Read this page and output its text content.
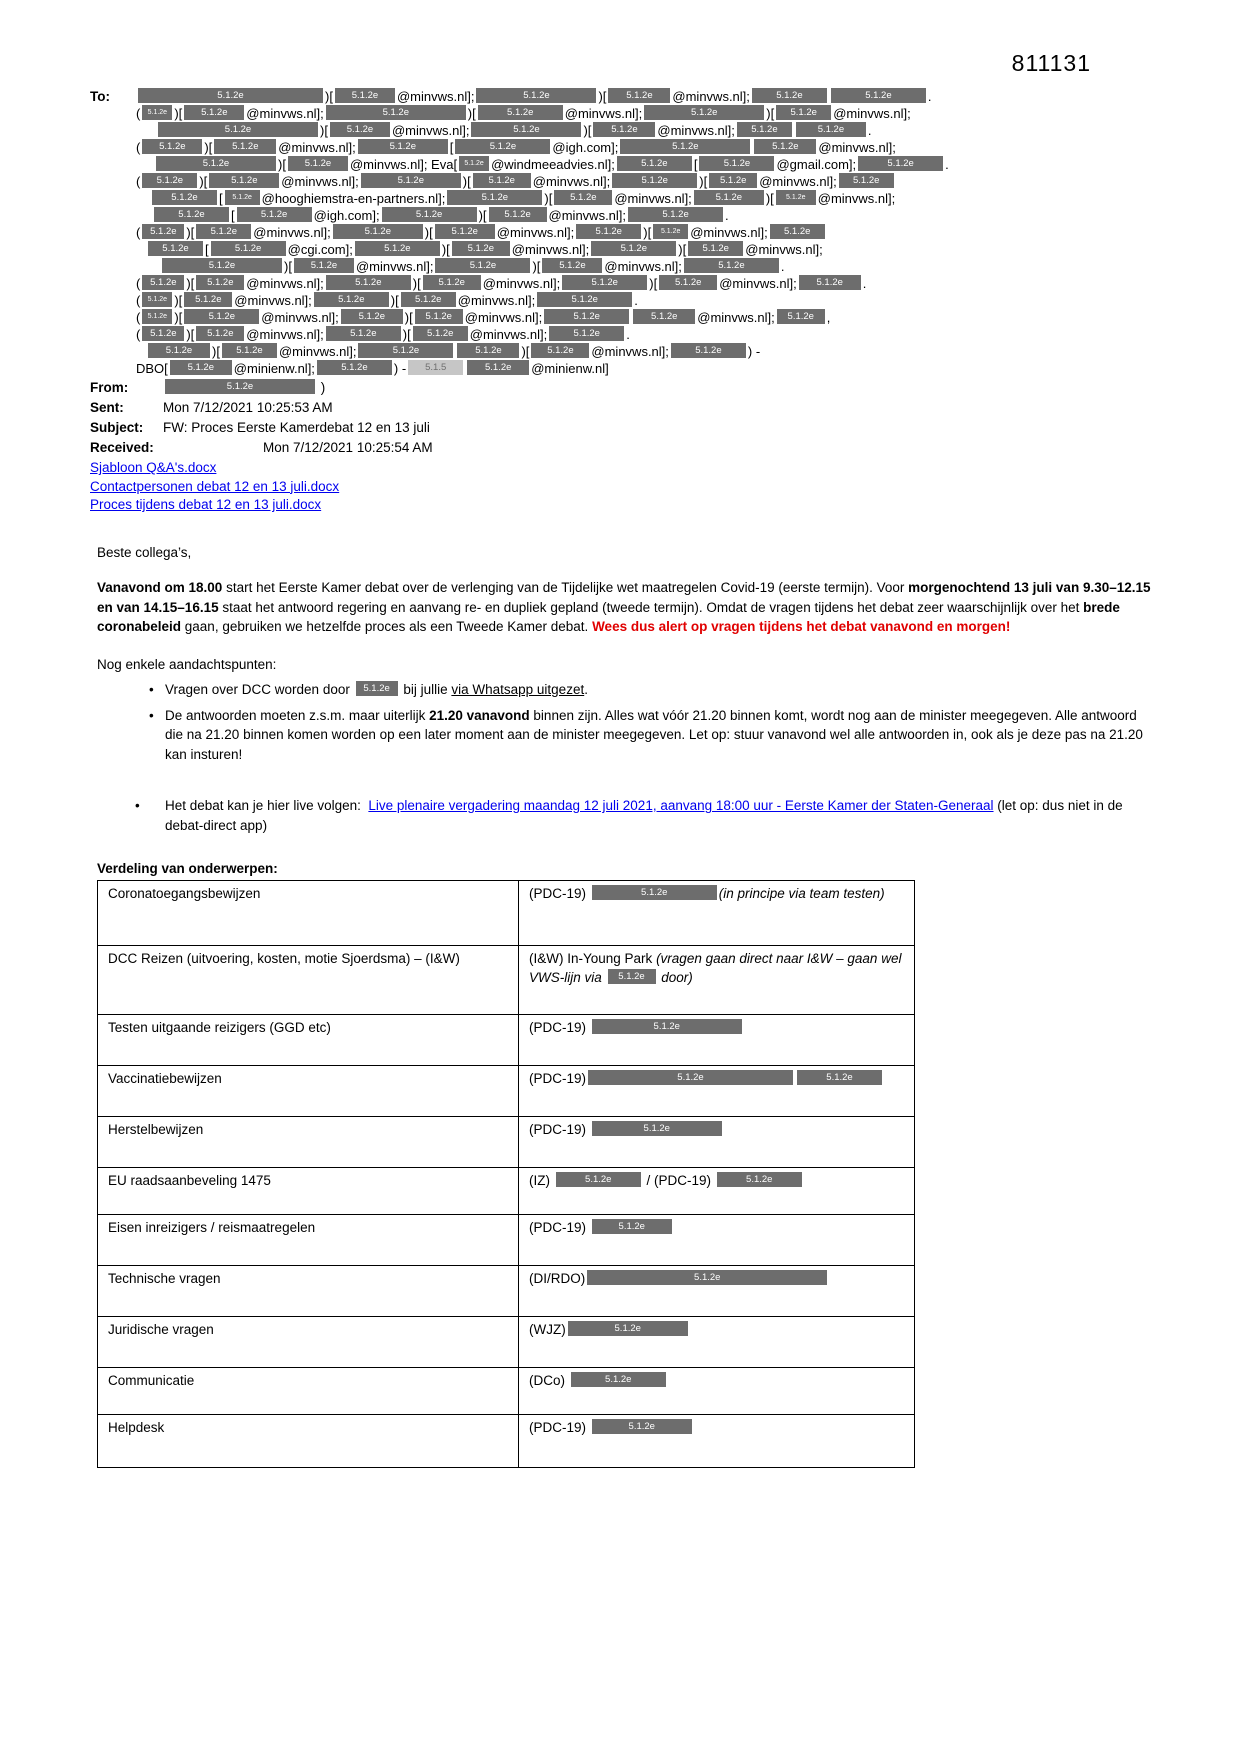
811131
To:	5.1.2e	)[ 5.1.2e @minvws.nl];	5.1.2e	)[ 5.1.2e @minvws.nl];	5.1.2e	5.1.2e	.
( 5.1.2e )[ 5.1.2e @minvws.nl];	5.1.2e	)[	5.1.2e @minvws.nl];	5.1.2e	)[ 5.1.2e @minvws.nl];
5.1.2e	)[ 5.1.2e @minvws.nl];	5.1.2e	)[ 5.1.2e @minvws.nl]; 5.1.2e	5.1.2e .
( 5.1.2e )[ 5.1.2e @minvws.nl];	5.1.2e	[	5.1.2e	@igh.com];	5.1.2e	5.1.2e @minvws.nl];
5.1.2e	)[ 5.1.2e @minvws.nl]; Eva[ 5.1.2e @windmeeadvies.nl];	5.1.2e [	5.1.2e @gmail.com];	5.1.2e .
( 5.1.2e )[	5.1.2e @minvws.nl];	5.1.2e	)[ 5.1.2e @minvws.nl];	5.1.2e )[ 5.1.2e @minvws.nl]; 5.1.2e
5.1.2e [ 5.1.2e @hooghiemstra-en-partners.nl];	5.1.2e	)[ 5.1.2e @minvws.nl];	5.1.2e )[ 5.1.2e @minvws.nl];
5.1.2e [	5.1.2e @igh.com];	5.1.2e	)[ 5.1.2e @minvws.nl];	5.1.2e	.
( 5.1.2e )[ 5.1.2e @minvws.nl];	5.1.2e	)[ 5.1.2e @minvws.nl]; 5.1.2e )[ 5.1.2e @minvws.nl]; 5.1.2e
5.1.2e [	5.1.2e @cgi.com];	5.1.2e )[ 5.1.2e @minvws.nl];	5.1.2e )[ 5.1.2e @minvws.nl];
5.1.2e	)[ 5.1.2e @minvws.nl];	5.1.2e	)[ 5.1.2e @minvws.nl];	5.1.2e	.
( 5.1.2e )[ 5.1.2e @minvws.nl];	5.1.2e )[ 5.1.2e @minvws.nl];	5.1.2e )[ 5.1.2e @minvws.nl]; 5.1.2e .
( 5.1.2e )[ 5.1.2e @minvws.nl];	5.1.2e )[ 5.1.2e @minvws.nl];	5.1.2e	.
( 5.1.2e )[	5.1.2e @minvws.nl]; 5.1.2e )[ 5.1.2e @minvws.nl];	5.1.2e	5.1.2e @minvws.nl]; 5.1.2e ,
( 5.1.2e )[ 5.1.2e @minvws.nl];	5.1.2e )[ 5.1.2e @minvws.nl];	5.1.2e .
5.1.2e )[ 5.1.2e @minvws.nl];	5.1.2e	5.1.2e )[ 5.1.2e @minvws.nl];	5.1.2e ) -
DBO[ 5.1.2e @minienw.nl];	5.1.2e ) - 5.1.5	5.1.2e @minienw.nl]
From:	5.1.2e	)
Sent:	Mon 7/12/2021 10:25:53 AM
Subject: FW: Proces Eerste Kamerdebat 12 en 13 juli
Received:	Mon 7/12/2021 10:25:54 AM
Sjabloon Q&A's.docx
Contactpersonen debat 12 en 13 juli.docx
Proces tijdens debat 12 en 13 juli.docx
Beste collega’s,
Vanavond om 18.00 start het Eerste Kamer debat over de verlenging van de Tijdelijke wet maatregelen Covid-19 (eerste termijn). Voor morgenochtend 13 juli van 9.30–12.15 en van 14.15–16.15 staat het antwoord regering en aanvang re- en dupliek gepland (tweede termijn). Omdat de vragen tijdens het debat zeer waarschijnlijk over het brede coronabeleid gaan, gebruiken we hetzelfde proces als een Tweede Kamer debat. Wees dus alert op vragen tijdens het debat vanavond en morgen!
Nog enkele aandachtspunten:
• Vragen over DCC worden door 5.1.2e bij jullie via Whatsapp uitgezet.
• De antwoorden moeten z.s.m. maar uiterlijk 21.20 vanavond binnen zijn. Alles wat vóór 21.20 binnen komt, wordt nog aan de minister meegegeven. Alle antwoord die na 21.20 binnen komen worden op een later moment aan de minister meegegeven. Let op: stuur vanavond wel alle antwoorden in, ook als je deze pas na 21.20 kan insturen!
• Het debat kan je hier live volgen:  Live plenaire vergadering maandag 12 juli 2021, aanvang 18:00 uur - Eerste Kamer der Staten-Generaal (let op: dus niet in de debat-direct app)
Verdeling van onderwerpen:
Coronatoegangsbewijzen	(PDC-19) 5.1.2e (in principe via team testen)
DCC Reizen (uitvoering, kosten, motie Sjoerdsma) – (I&W)	(I&W) In-Young Park (vragen gaan direct naar I&W – gaan wel VWS-lijn via 5.1.2e door)
Testen uitgaande reizigers (GGD etc)	(PDC-19) 5.1.2e
Vaccinatiebewijzen	(PDC-19) 5.1.2e 5.1.2e
Herstelbewijzen	(PDC-19) 5.1.2e
EU raadsaanbeveling 1475	(IZ) 5.1.2e / (PDC-19) 5.1.2e
Eisen inreizigers / reismaatregelen	(PDC-19) 5.1.2e
Technische vragen	(DI/RDO) 5.1.2e
Juridische vragen	(WJZ) 5.1.2e
Communicatie	(DCo) 5.1.2e
Helpdesk	(PDC-19) 5.1.2e
